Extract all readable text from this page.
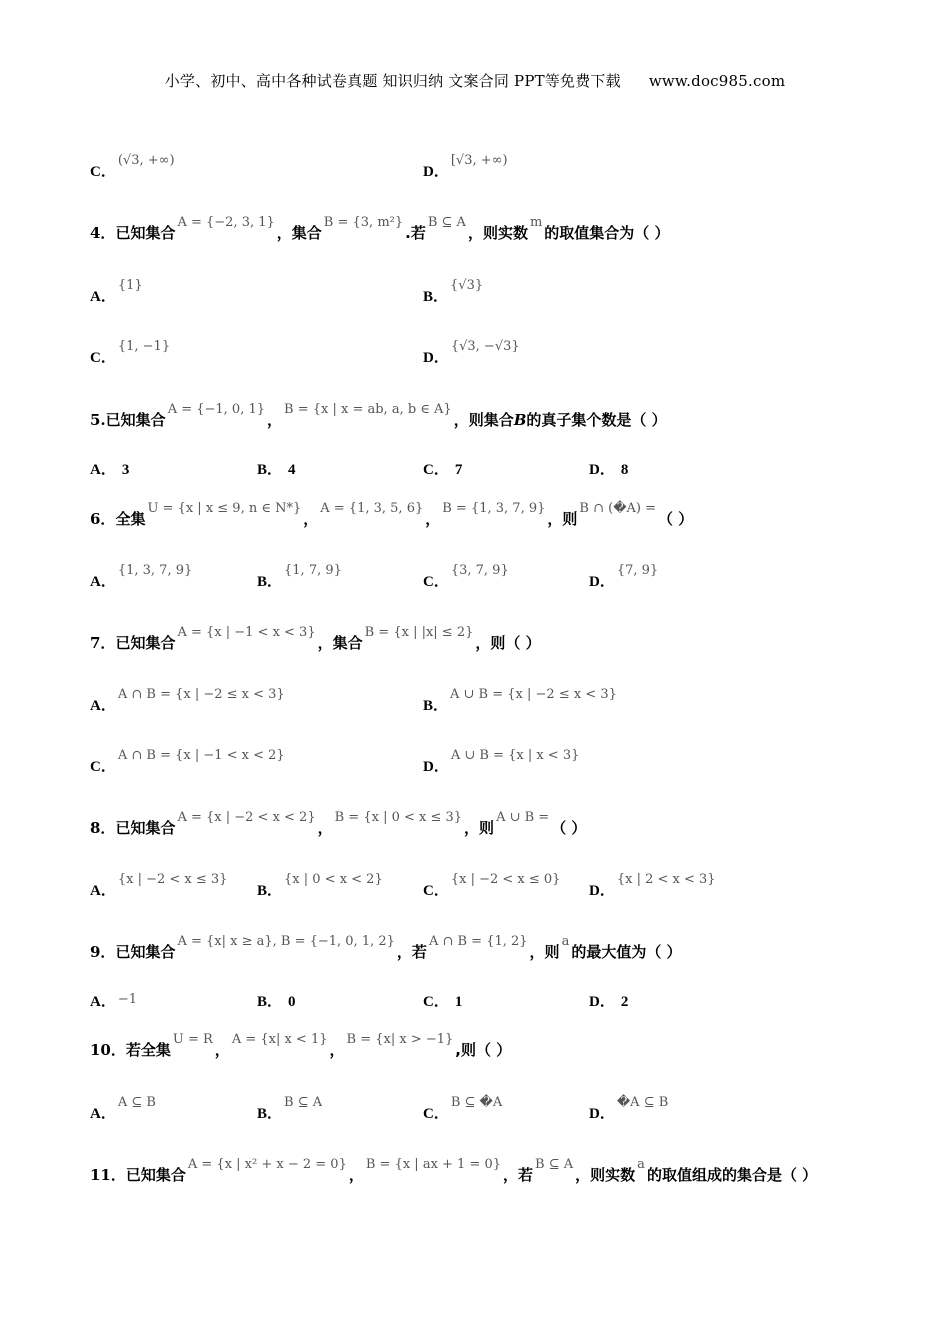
小学、初中、高中各种试卷真题 知识归纳 文案合同 PPT等免费下载 www.doc985.com
C．$^{(√3, +\infty)}$
D．$^{[√3, +\infty)}$
4．已知集合$^{A = \{-2, 3, 1\}}$，集合$^{B = \{3, m^2\}}$.若$^{B ⊆ A}$，则实数$^m$的取值集合为（ ）
A．$^{\{1\}}$
B．$^{\{√3\}}$
C．$^{\{1, -1\}}$
D．$^{\{√3, -√3\}}$
5.已知集合$^{A = \{-1, 0, 1\}}$，$^{B = \{x | x = ab, a, b \in A\}}$，则集合B的真子集个数是（ ）
A． 3	B． 4	C． 7	D． 8
6．全集$^{U = \{x | x \le 9, n \in N*\}}$，$^{A = \{1, 3, 5, 6\}}$，$^{B = \{1, 3, 7, 9\}}$，则$^{B \cap (�A) =}$（ ）
A．$^{\{1, 3, 7, 9\}}$
B．$^{\{1, 7, 9\}}$
C．$^{\{3, 7, 9\}}$
D．$^{\{7, 9\}}$
7．已知集合$^{A = \{x | -1 < x < 3\}}$，集合$^{B = \{x | |x| \le 2\}}$，则（ ）
A．$^{A \cap B = \{x | -2 \le x < 3\}}$
B．$^{A \cup B = \{x | -2 \le x < 3\}}$
C．$^{A \cap B = \{x | -1 < x < 2\}}$
D．$^{A \cup B = \{x | x < 3\}}$
8．已知集合$^{A = \{x | -2 < x < 2\}}$，$^{B = \{x | 0 < x \le 3\}}$，则$^{A \cup B =}$（ ）
A．$^{\{x | -2 < x \le 3\}}$
B．$^{\{x | 0 < x < 2\}}$
C．$^{\{x | -2 < x \le 0\}}$
D．$^{\{x | 2 < x < 3\}}$
9．已知集合$^{A = \{x| x \ge a\}, B = \{-1, 0, 1, 2\}}$，若$^{A \cap B = \{1, 2\}}$，则$^a$的最大值为（ ）
A． −1	B． 0	C． 1	D． 2
10．若全集$^{U = R}$，$^{A = \{x| x < 1\}}$，$^{B = \{x| x > -1\}}$,则（ ）
A．$^{A ⊆ B}$
B．$^{B ⊆ A}$
C．$^{B ⊆ �A}$
D．$^{�A ⊆ B}$
11．已知集合$^{A = \{x | x^2 + x - 2 = 0\}}$，$^{B = \{x | ax + 1 = 0\}}$，若$^{B ⊆ A}$，则实数$^a$的取值组成的集合是（ ）
